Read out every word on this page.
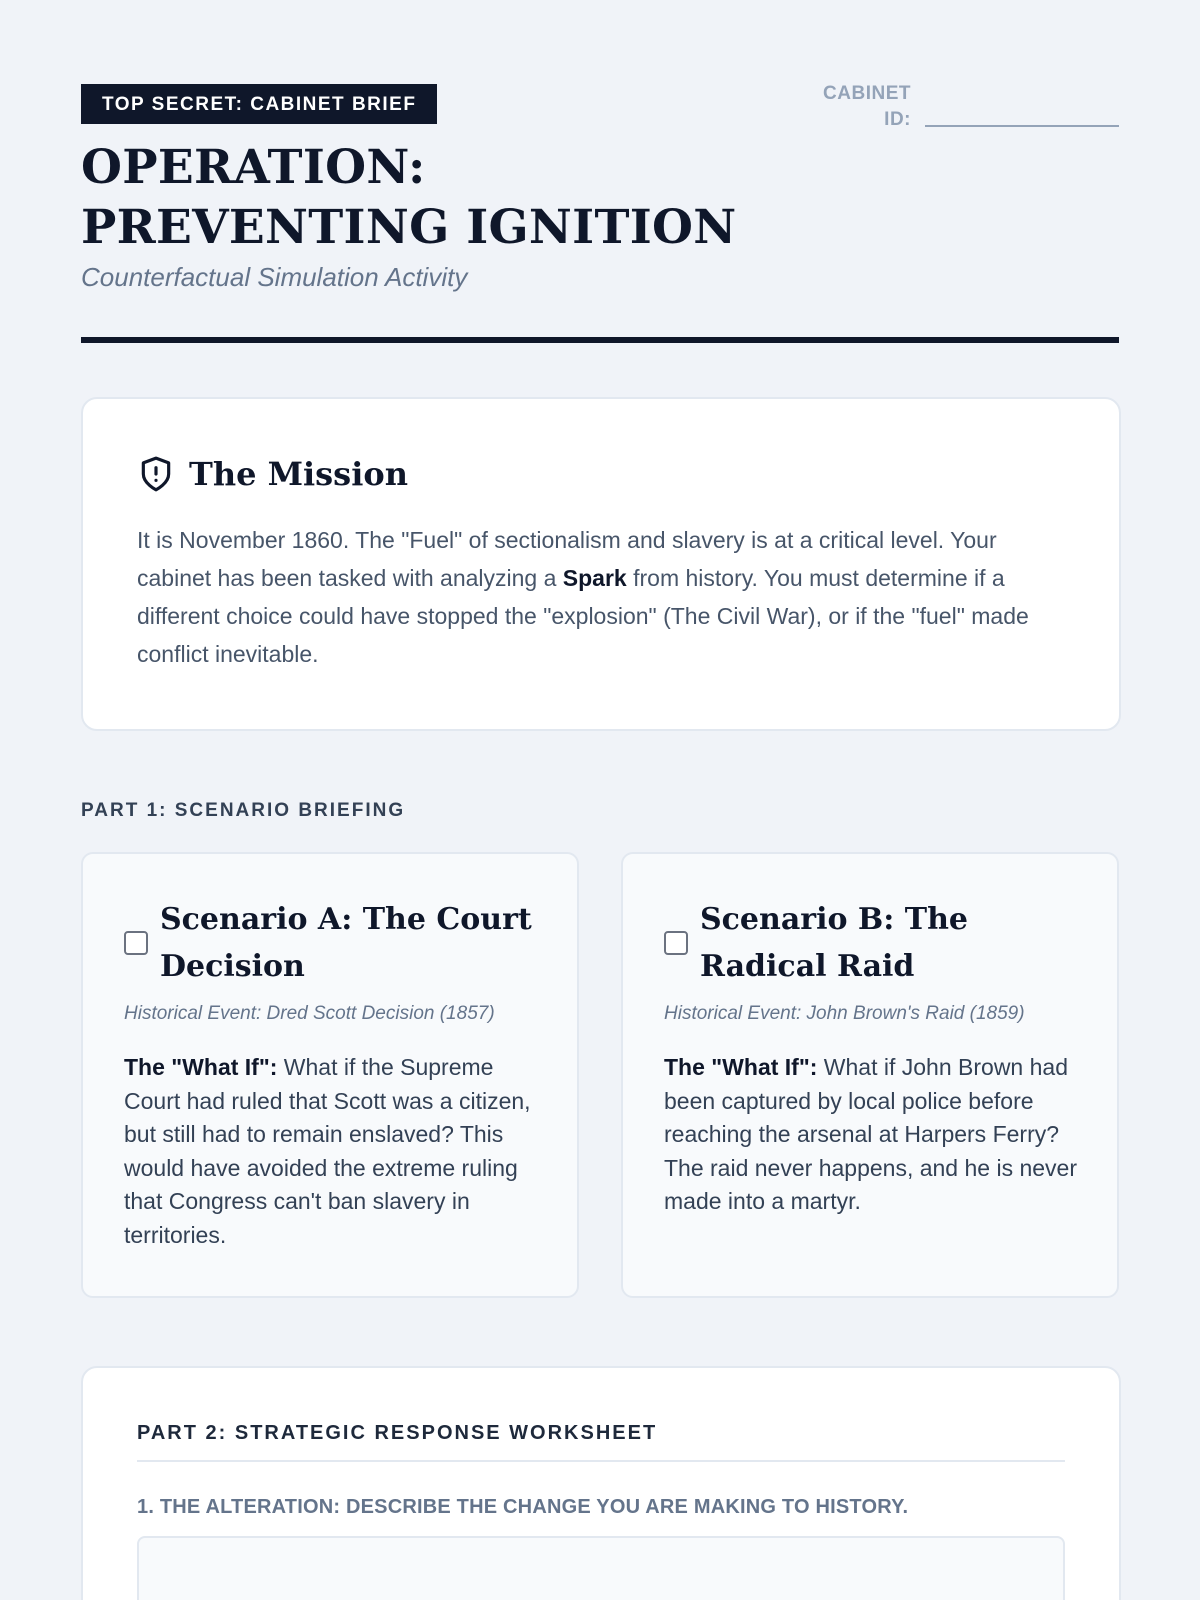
TOP SECRET: CABINET BRIEF
OPERATION: PREVENTING IGNITION
Counterfactual Simulation Activity
CABINET ID:
The Mission

It is November 1860. The "Fuel" of sectionalism and slavery is at a critical level. Your cabinet has been tasked with analyzing a Spark from history. You must determine if a different choice could have stopped the "explosion" (The Civil War), or if the "fuel" made conflict inevitable.

PART 1: SCENARIO BRIEFING
Scenario A: The Court Decision
Historical Event: Dred Scott Decision (1857)

The "What If": What if the Supreme Court had ruled that Scott was a citizen, but still had to remain enslaved? This would have avoided the extreme ruling that Congress can't ban slavery in territories.

Scenario B: The Radical Raid
Historical Event: John Brown's Raid (1859)

The "What If": What if John Brown had been captured by local police before reaching the arsenal at Harpers Ferry? The raid never happens, and he is never made into a martyr.

PART 2: STRATEGIC RESPONSE WORKSHEET
1. THE ALTERATION: DESCRIBE THE CHANGE YOU ARE MAKING TO HISTORY.
